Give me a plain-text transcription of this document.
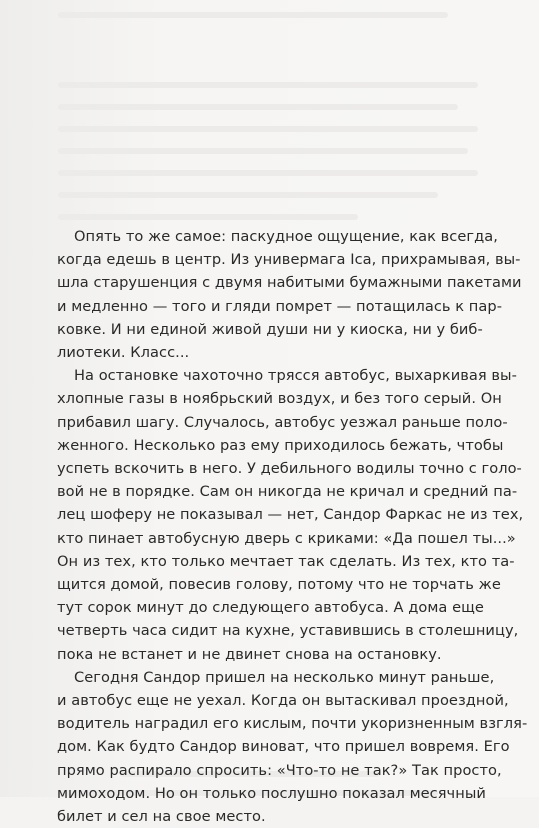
Опять то же самое: паскудное ощущение, как всегда,
когда едешь в центр. Из универмага Ica, прихрамывая, вы-
шла старушенция с двумя набитыми бумажными пакетами
и медленно — того и гляди помрет — потащилась к пар-
ковке. И ни единой живой души ни у киоска, ни у биб-
лиотеки. Класс...
На остановке чахоточно трясся автобус, выхаркивая вы-
хлопные газы в ноябрьский воздух, и без того серый. Он
прибавил шагу. Случалось, автобус уезжал раньше поло-
женного. Несколько раз ему приходилось бежать, чтобы
успеть вскочить в него. У дебильного водилы точно с голо-
вой не в порядке. Сам он никогда не кричал и средний па-
лец шоферу не показывал — нет, Сандор Фаркас не из тех,
кто пинает автобусную дверь с криками: «Да пошел ты...»
Он из тех, кто только мечтает так сделать. Из тех, кто та-
щится домой, повесив голову, потому что не торчать же
тут сорок минут до следующего автобуса. А дома еще
четверть часа сидит на кухне, уставившись в столешницу,
пока не встанет и не двинет снова на остановку.
Сегодня Сандор пришел на несколько минут раньше,
и автобус еще не уехал. Когда он вытаскивал проездной,
водитель наградил его кислым, почти укоризненным взгля-
дом. Как будто Сандор виноват, что пришел вовремя. Его
прямо распирало спросить: «Что-то не так?» Так просто,
мимоходом. Но он только послушно показал месячный
билет и сел на свое место.
